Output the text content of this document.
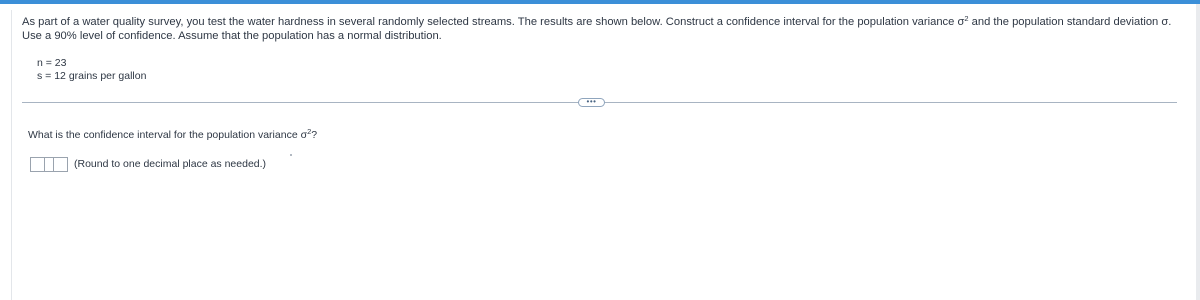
As part of a water quality survey, you test the water hardness in several randomly selected streams. The results are shown below. Construct a confidence interval for the population variance $\sigma^2$ and the population standard deviation σ. Use a 90% level of confidence. Assume that the population has a normal distribution.
n = 23
s = 12 grains per gallon
•••
What is the confidence interval for the population variance $\sigma^2$?
(Round to one decimal place as needed.)
